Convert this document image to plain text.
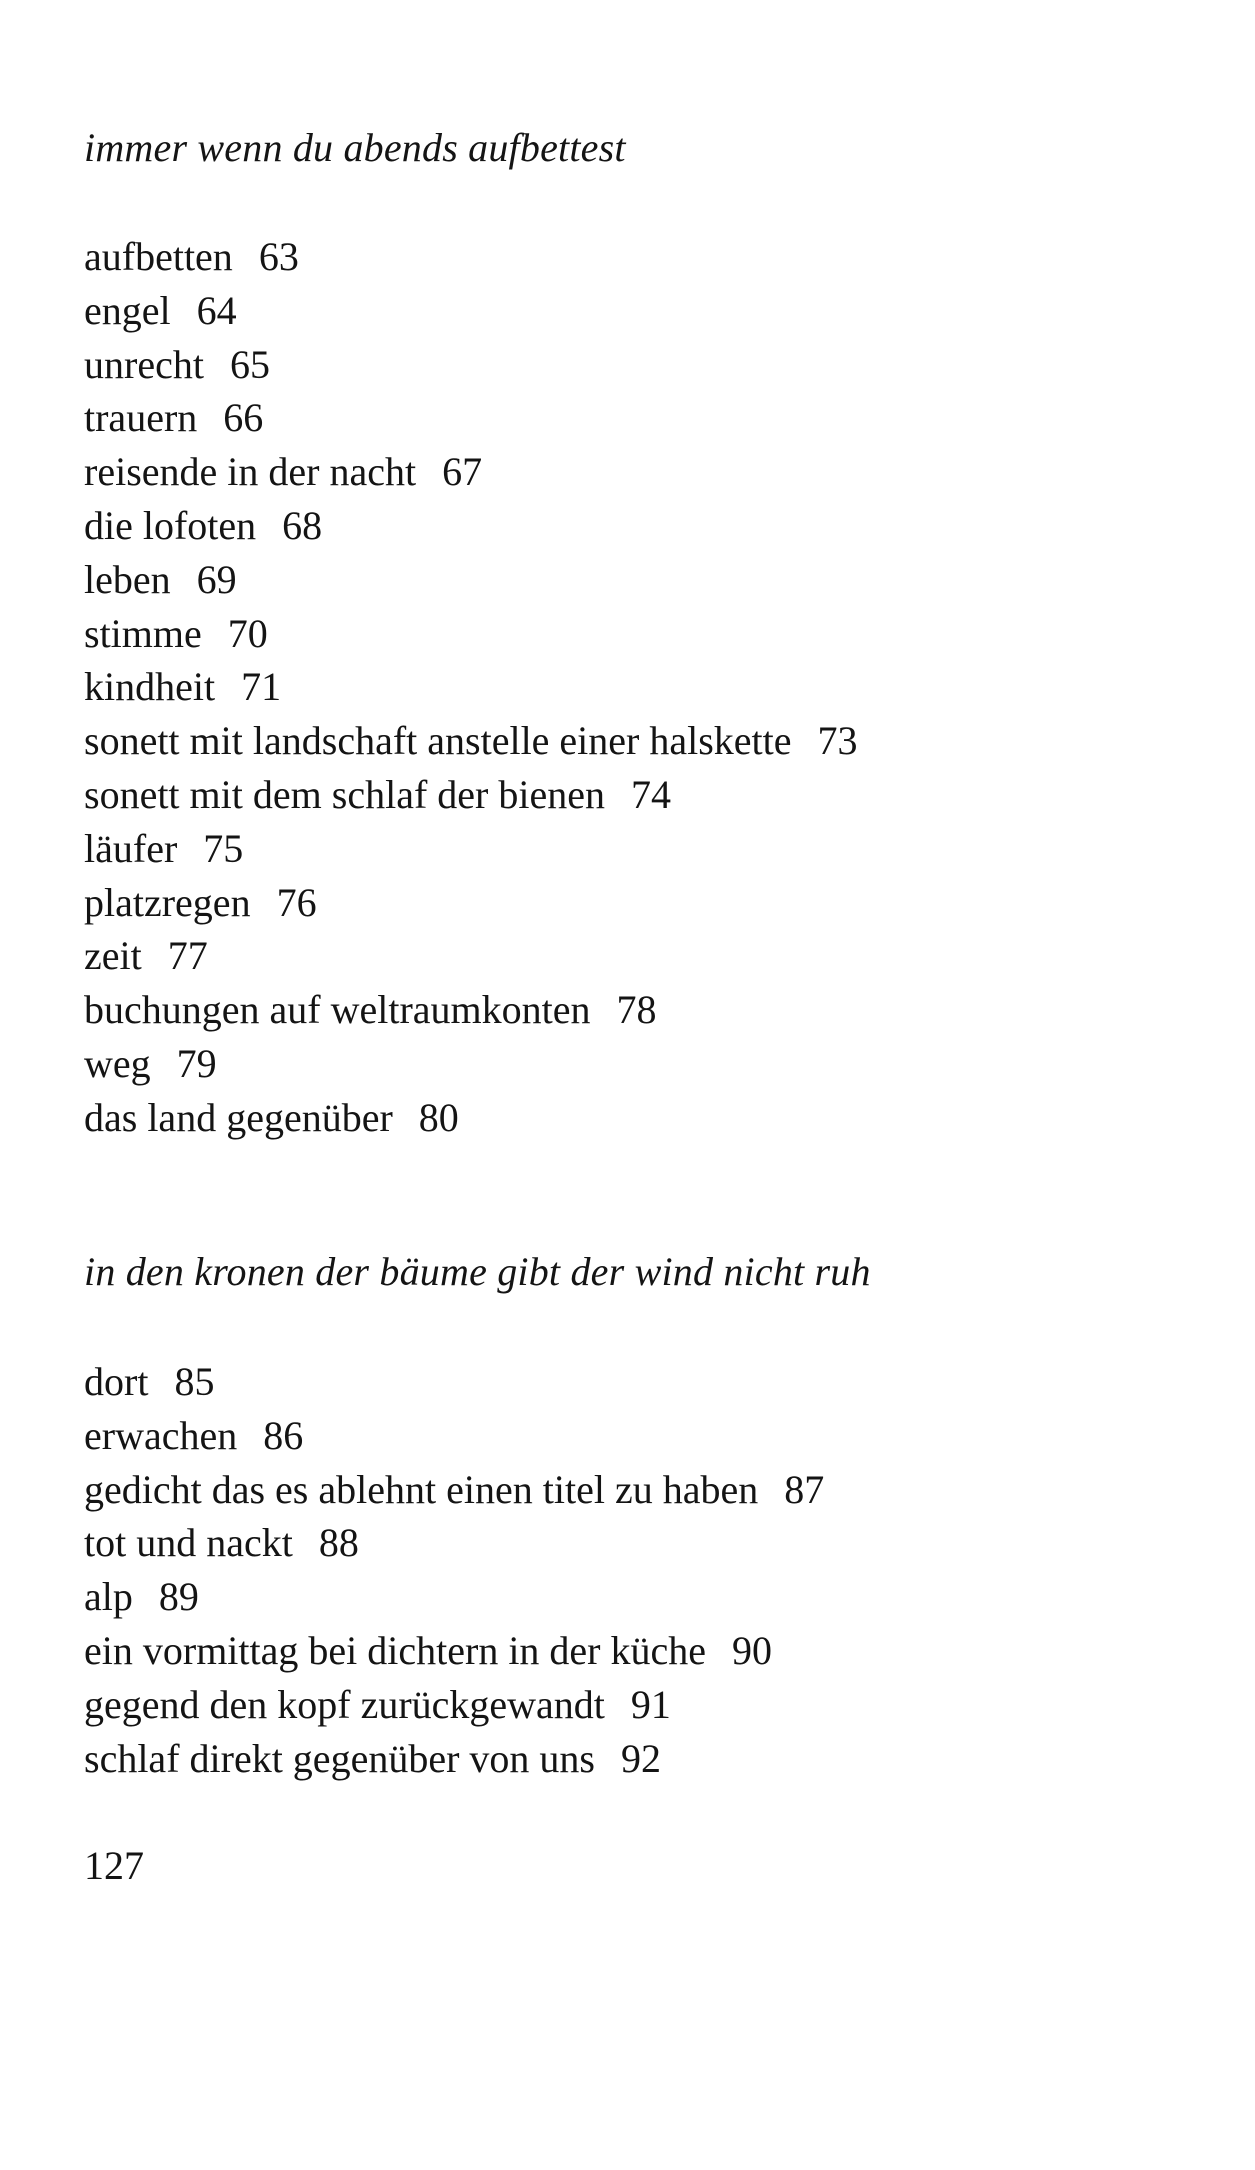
immer wenn du abends aufbettest
aufbetten 63
engel 64
unrecht 65
trauern 66
reisende in der nacht 67
die lofoten 68
leben 69
stimme 70
kindheit 71
sonett mit landschaft anstelle einer halskette 73
sonett mit dem schlaf der bienen 74
läufer 75
platzregen 76
zeit 77
buchungen auf weltraumkonten 78
weg 79
das land gegenüber 80
in den kronen der bäume gibt der wind nicht ruh
dort 85
erwachen 86
gedicht das es ablehnt einen titel zu haben 87
tot und nackt 88
alp 89
ein vormittag bei dichtern in der küche 90
gegend den kopf zurückgewandt 91
schlaf direkt gegenüber von uns 92
127
